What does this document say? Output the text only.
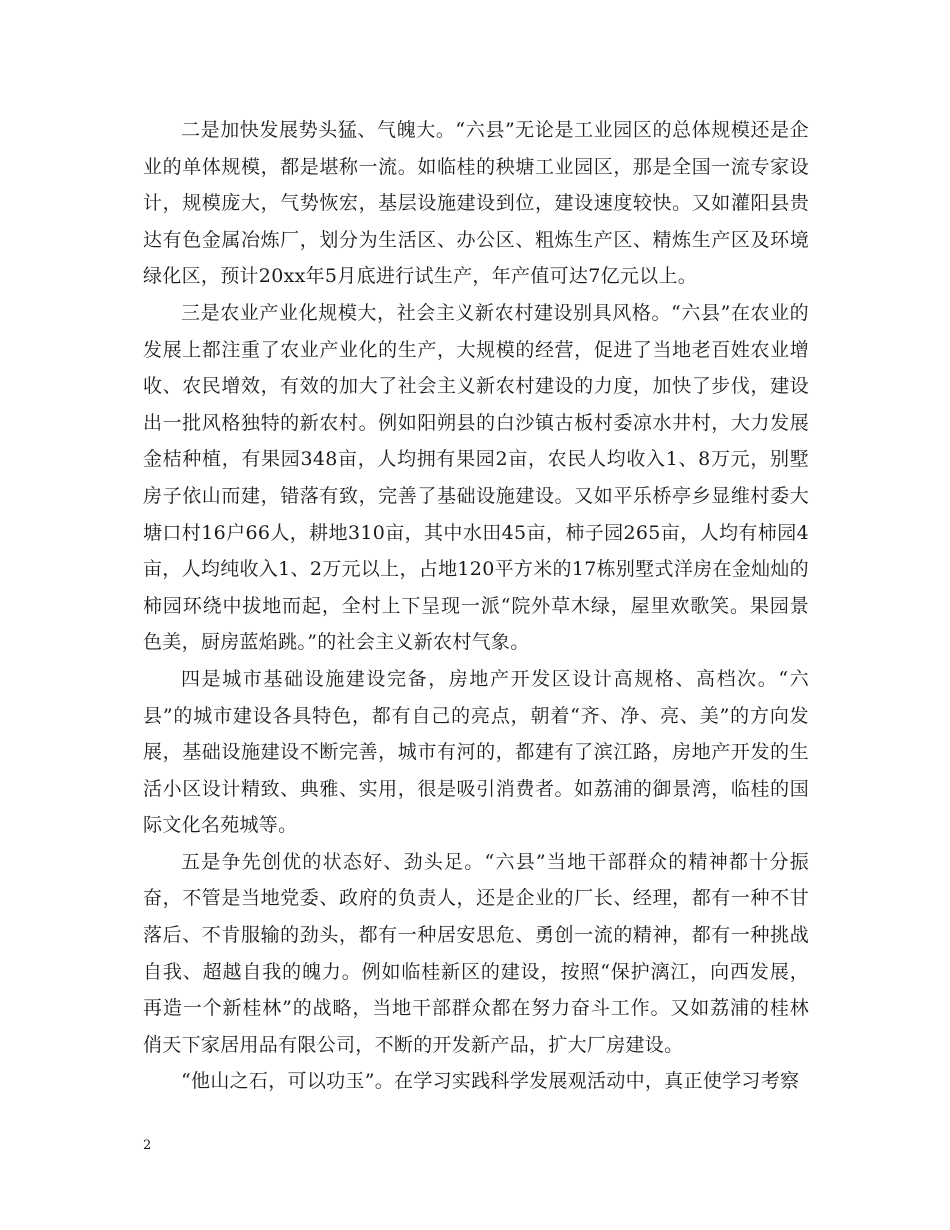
二是加快发展势头猛、气魄大。“六县”无论是工业园区的总体规模还是企业的单体规模，都是堪称一流。如临桂的秧塘工业园区，那是全国一流专家设计，规模庞大，气势恢宏，基层设施建设到位，建设速度较快。又如灌阳县贵达有色金属冶炼厂，划分为生活区、办公区、粗炼生产区、精炼生产区及环境绿化区，预计20xx年5月底进行试生产，年产值可达7亿元以上。

三是农业产业化规模大，社会主义新农村建设别具风格。“六县”在农业的发展上都注重了农业产业化的生产，大规模的经营，促进了当地老百姓农业增收、农民增效，有效的加大了社会主义新农村建设的力度，加快了步伐，建设出一批风格独特的新农村。例如阳朔县的白沙镇古板村委凉水井村，大力发展金桔种植，有果园348亩，人均拥有果园2亩，农民人均收入1、8万元，别墅房子依山而建，错落有致，完善了基础设施建设。又如平乐桥亭乡显维村委大塘口村16户66人，耕地310亩，其中水田45亩，柿子园265亩，人均有柿园4亩，人均纯收入1、2万元以上，占地120平方米的17栋别墅式洋房在金灿灿的柿园环绕中拔地而起，全村上下呈现一派“院外草木绿，屋里欢歌笑。果园景色美，厨房蓝焰跳。”的社会主义新农村气象。

四是城市基础设施建设完备，房地产开发区设计高规格、高档次。“六县”的城市建设各具特色，都有自己的亮点，朝着“齐、净、亮、美”的方向发展，基础设施建设不断完善，城市有河的，都建有了滨江路，房地产开发的生活小区设计精致、典雅、实用，很是吸引消费者。如荔浦的御景湾，临桂的国际文化名苑城等。

五是争先创优的状态好、劲头足。“六县”当地干部群众的精神都十分振奋，不管是当地党委、政府的负责人，还是企业的厂长、经理，都有一种不甘落后、不肯服输的劲头，都有一种居安思危、勇创一流的精神，都有一种挑战自我、超越自我的魄力。例如临桂新区的建设，按照“保护漓江，向西发展，再造一个新桂林”的战略，当地干部群众都在努力奋斗工作。又如荔浦的桂林俏天下家居用品有限公司，不断的开发新产品，扩大厂房建设。

“他山之石，可以功玉”。在学习实践科学发展观活动中，真正使学习考察

2
